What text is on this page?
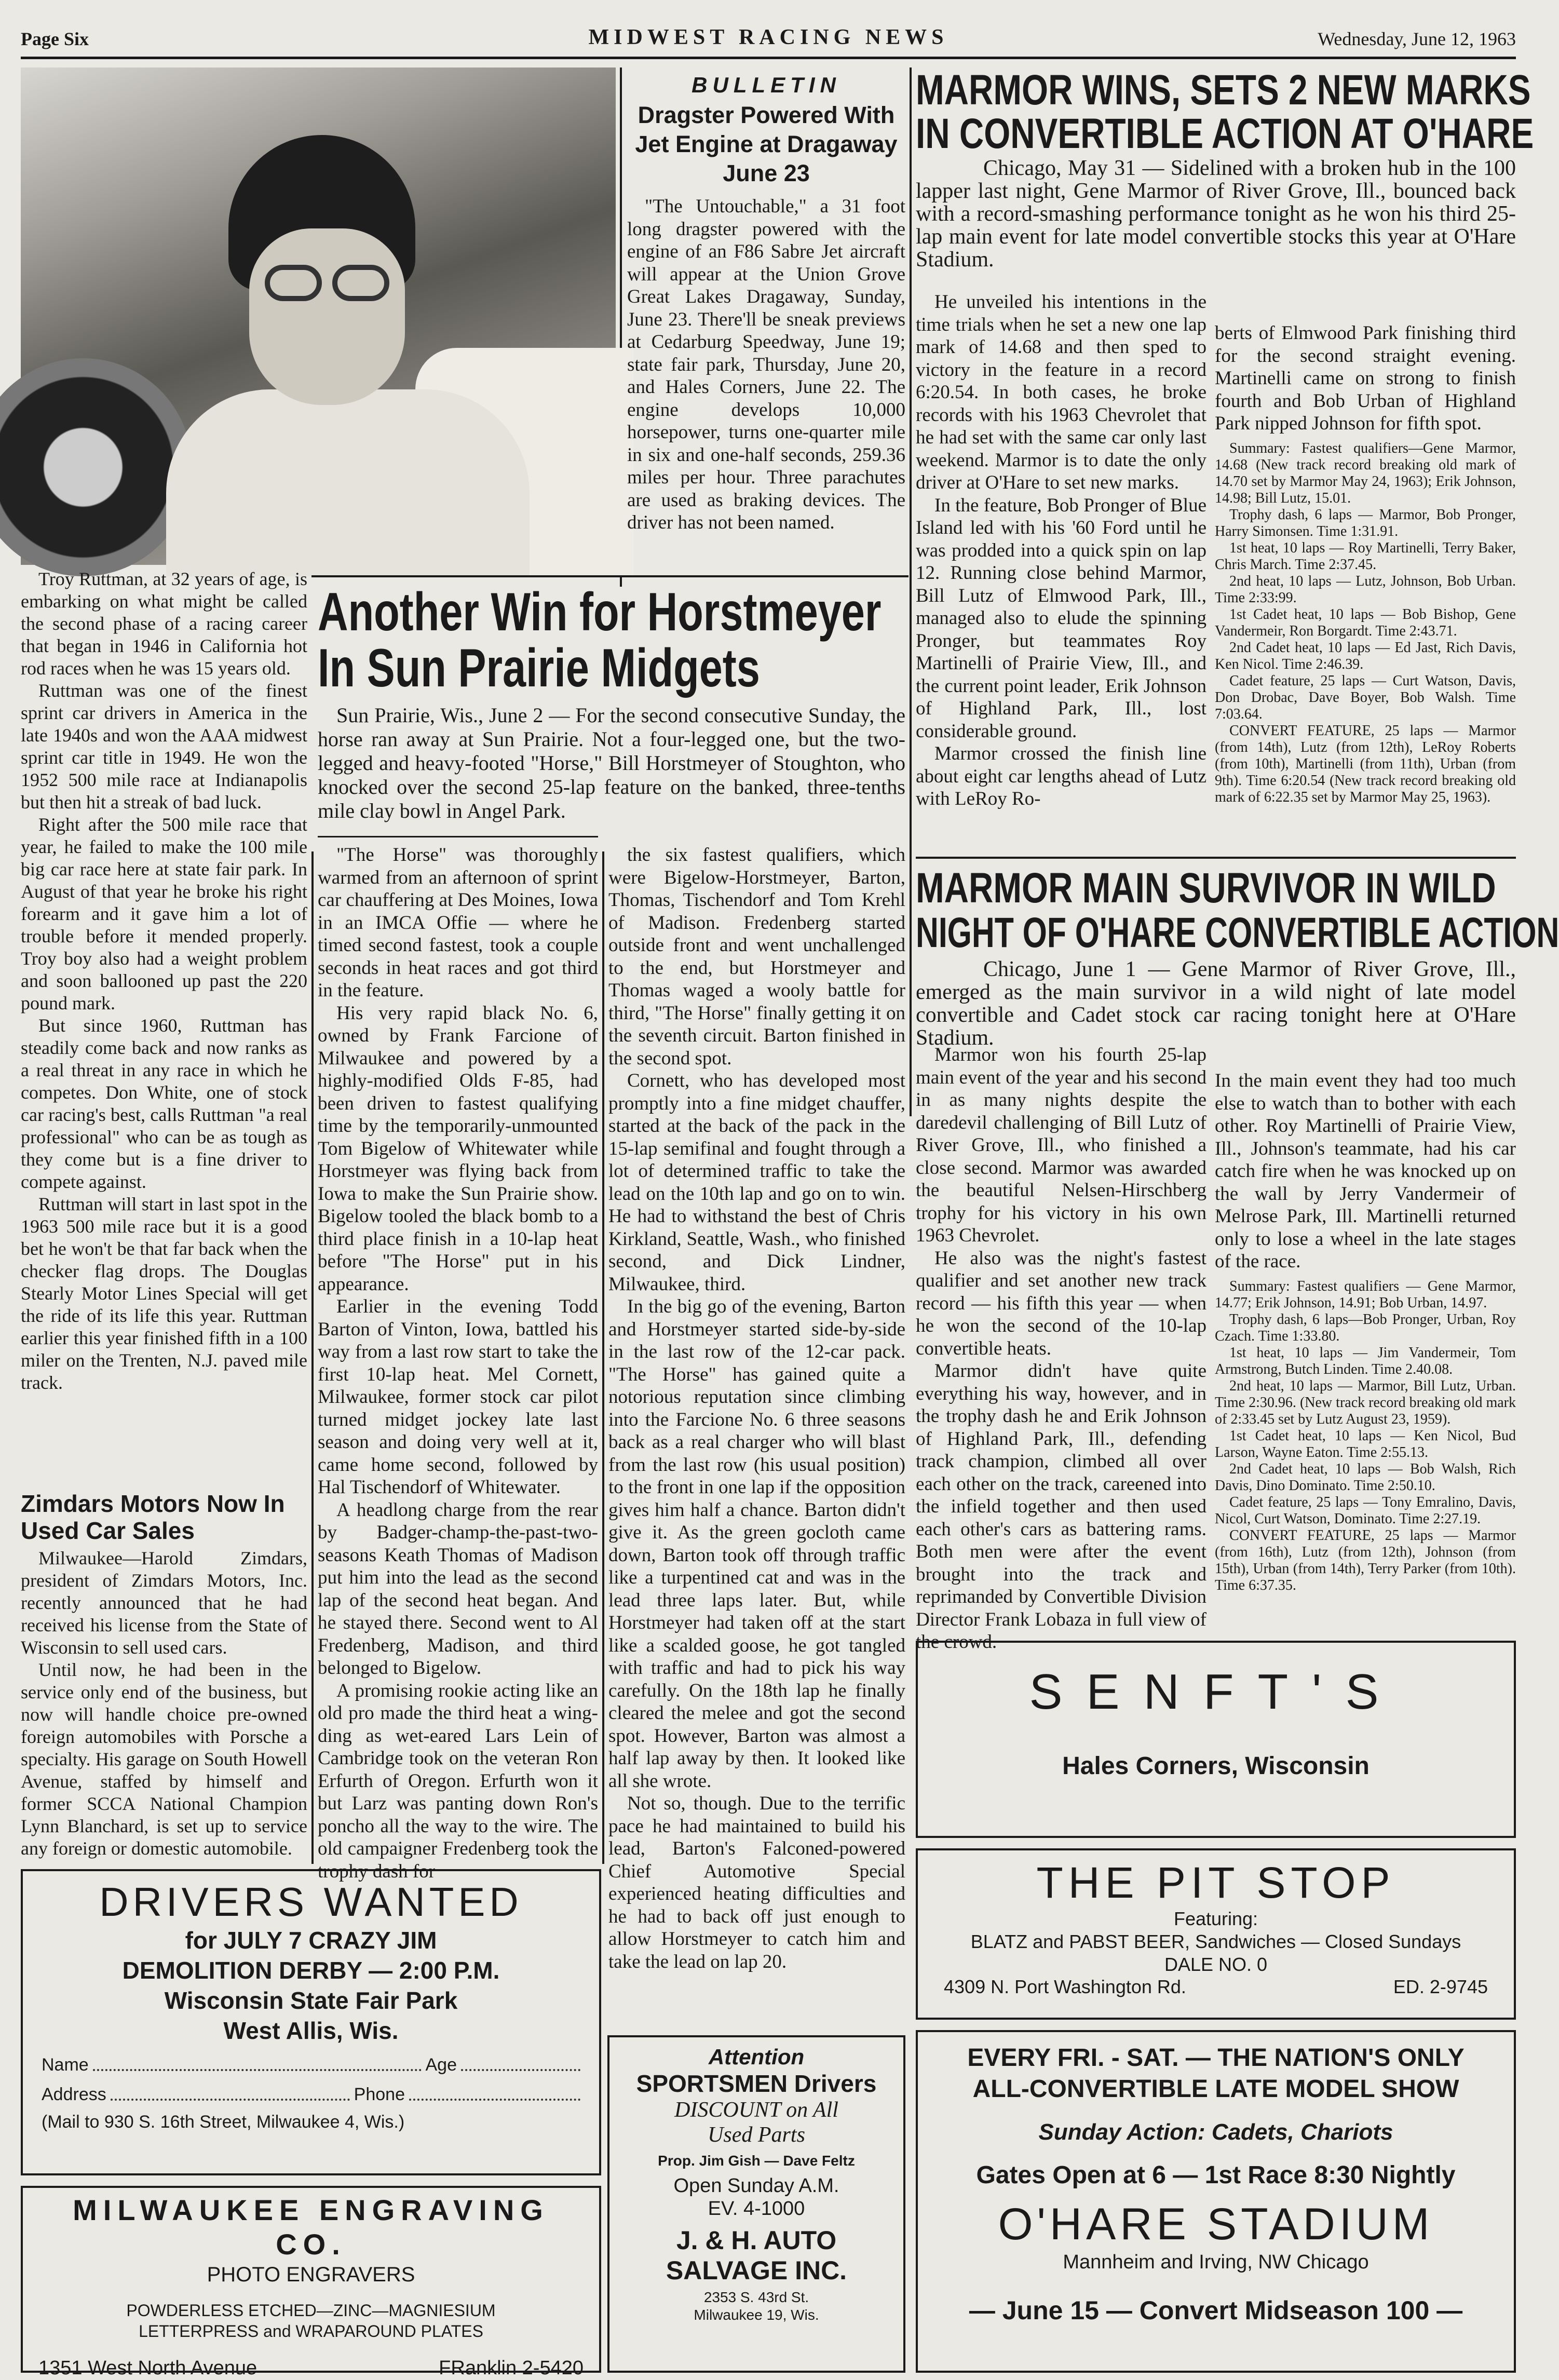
Page Six	MIDWEST RACING NEWS	Wednesday, June 12, 1963

Troy Ruttman, at 32 years of age, is embarking on what might be called the second phase of a racing career that began in 1946 in California hot rod races when he was 15 years old.

Ruttman was one of the finest sprint car drivers in America in the late 1940s and won the AAA midwest sprint car title in 1949. He won the 1952 500 mile race at Indianapolis but then hit a streak of bad luck.

Right after the 500 mile race that year, he failed to make the 100 mile big car race here at state fair park. In August of that year he broke his right forearm and it gave him a lot of trouble before it mended properly. Troy boy also had a weight problem and soon ballooned up past the 220 pound mark.

But since 1960, Ruttman has steadily come back and now ranks as a real threat in any race in which he competes. Don White, one of stock car racing's best, calls Ruttman "a real professional" who can be as tough as they come but is a fine driver to compete against.

Ruttman will start in last spot in the 1963 500 mile race but it is a good bet he won't be that far back when the checker flag drops. The Douglas Stearly Motor Lines Special will get the ride of its life this year. Ruttman earlier this year finished fifth in a 100 miler on the Trenten, N.J. paved mile track.

Zimdars Motors Now In Used Car Sales

Milwaukee—Harold Zimdars, president of Zimdars Motors, Inc. recently announced that he had received his license from the State of Wisconsin to sell used cars.

Until now, he had been in the service only end of the business, but now will handle choice pre-owned foreign automobiles with Porsche a specialty. His garage on South Howell Avenue, staffed by himself and former SCCA National Champion Lynn Blanchard, is set up to service any foreign or domestic automobile.

BULLETIN
Dragster Powered With Jet Engine at Dragaway June 23
"The Untouchable," a 31 foot long dragster powered with the engine of an F86 Sabre Jet aircraft will appear at the Union Grove Great Lakes Dragaway, Sunday, June 23. There'll be sneak previews at Cedarburg Speedway, June 19; state fair park, Thursday, June 20, and Hales Corners, June 22. The engine develops 10,000 horsepower, turns one-quarter mile in six and one-half seconds, 259.36 miles per hour. Three parachutes are used as braking devices. The driver has not been named.
Another Win for Horstmeyer
In Sun Prairie Midgets
Sun Prairie, Wis., June 2 — For the second consecutive Sunday, the horse ran away at Sun Prairie. Not a four-legged one, but the two-legged and heavy-footed "Horse," Bill Horstmeyer of Stoughton, who knocked over the second 25-lap feature on the banked, three-tenths mile clay bowl in Angel Park.

"The Horse" was thoroughly warmed from an afternoon of sprint car chauffering at Des Moines, Iowa in an IMCA Offie — where he timed second fastest, took a couple seconds in heat races and got third in the feature.

His very rapid black No. 6, owned by Frank Farcione of Milwaukee and powered by a highly-modified Olds F-85, had been driven to fastest qualifying time by the temporarily-unmounted Tom Bigelow of Whitewater while Horstmeyer was flying back from Iowa to make the Sun Prairie show. Bigelow tooled the black bomb to a third place finish in a 10-lap heat before "The Horse" put in his appearance.

Earlier in the evening Todd Barton of Vinton, Iowa, battled his way from a last row start to take the first 10-lap heat. Mel Cornett, Milwaukee, former stock car pilot turned midget jockey late last season and doing very well at it, came home second, followed by Hal Tischendorf of Whitewater.

A headlong charge from the rear by Badger-champ-the-past-two-seasons Keath Thomas of Madison put him into the lead as the second lap of the second heat began. And he stayed there. Second went to Al Fredenberg, Madison, and third belonged to Bigelow.

A promising rookie acting like an old pro made the third heat a wing-ding as wet-eared Lars Lein of Cambridge took on the veteran Ron Erfurth of Oregon. Erfurth won it but Larz was panting down Ron's poncho all the way to the wire. The old campaigner Fredenberg took the trophy dash for

the six fastest qualifiers, which were Bigelow-Horstmeyer, Barton, Thomas, Tischendorf and Tom Krehl of Madison. Fredenberg started outside front and went unchallenged to the end, but Horstmeyer and Thomas waged a wooly battle for third, "The Horse" finally getting it on the seventh circuit. Barton finished in the second spot.

Cornett, who has developed most promptly into a fine midget chauffer, started at the back of the pack in the 15-lap semifinal and fought through a lot of determined traffic to take the lead on the 10th lap and go on to win. He had to withstand the best of Chris Kirkland, Seattle, Wash., who finished second, and Dick Lindner, Milwaukee, third.

In the big go of the evening, Barton and Horstmeyer started side-by-side in the last row of the 12-car pack. "The Horse" has gained quite a notorious reputation since climbing into the Farcione No. 6 three seasons back as a real charger who will blast from the last row (his usual position) to the front in one lap if the opposition gives him half a chance. Barton didn't give it. As the green gocloth came down, Barton took off through traffic like a turpentined cat and was in the lead three laps later. But, while Horstmeyer had taken off at the start like a scalded goose, he got tangled with traffic and had to pick his way carefully. On the 18th lap he finally cleared the melee and got the second spot. However, Barton was almost a half lap away by then. It looked like all she wrote.

Not so, though. Due to the terrific pace he had maintained to build his lead, Barton's Falconed-powered Chief Automotive Special experienced heating difficulties and he had to back off just enough to allow Horstmeyer to catch him and take the lead on lap 20.

MARMOR WINS, SETS 2 NEW MARKS
IN CONVERTIBLE ACTION AT O'HARE
Chicago, May 31 — Sidelined with a broken hub in the 100 lapper last night, Gene Marmor of River Grove, Ill., bounced back with a record-smashing performance tonight as he won his third 25-lap main event for late model convertible stocks this year at O'Hare Stadium.

He unveiled his intentions in the time trials when he set a new one lap mark of 14.68 and then sped to victory in the feature in a record 6:20.54. In both cases, he broke records with his 1963 Chevrolet that he had set with the same car only last weekend. Marmor is to date the only driver at O'Hare to set new marks.

In the feature, Bob Pronger of Blue Island led with his '60 Ford until he was prodded into a quick spin on lap 12. Running close behind Marmor, Bill Lutz of Elmwood Park, Ill., managed also to elude the spinning Pronger, but teammates Roy Martinelli of Prairie View, Ill., and the current point leader, Erik Johnson of Highland Park, Ill., lost considerable ground.

Marmor crossed the finish line about eight car lengths ahead of Lutz with LeRoy Ro-

berts of Elmwood Park finishing third for the second straight evening. Martinelli came on strong to finish fourth and Bob Urban of Highland Park nipped Johnson for fifth spot.

Summary: Fastest qualifiers—Gene Marmor, 14.68 (New track record breaking old mark of 14.70 set by Marmor May 24, 1963); Erik Johnson, 14.98; Bill Lutz, 15.01.

Trophy dash, 6 laps — Marmor, Bob Pronger, Harry Simonsen. Time 1:31.91.

1st heat, 10 laps — Roy Martinelli, Terry Baker, Chris March. Time 2:37.45.

2nd heat, 10 laps — Lutz, Johnson, Bob Urban. Time 2:33:99.

1st Cadet heat, 10 laps — Bob Bishop, Gene Vandermeir, Ron Borgardt. Time 2:43.71.

2nd Cadet heat, 10 laps — Ed Jast, Rich Davis, Ken Nicol. Time 2:46.39.

Cadet feature, 25 laps — Curt Watson, Davis, Don Drobac, Dave Boyer, Bob Walsh. Time 7:03.64.

CONVERT FEATURE, 25 laps — Marmor (from 14th), Lutz (from 12th), LeRoy Roberts (from 10th), Martinelli (from 11th), Urban (from 9th). Time 6:20.54 (New track record breaking old mark of 6:22.35 set by Marmor May 25, 1963).

MARMOR MAIN SURVIVOR IN WILD
NIGHT OF O'HARE CONVERTIBLE ACTION
Chicago, June 1 — Gene Marmor of River Grove, Ill., emerged as the main survivor in a wild night of late model convertible and Cadet stock car racing tonight here at O'Hare Stadium.

Marmor won his fourth 25-lap main event of the year and his second in as many nights despite the daredevil challenging of Bill Lutz of River Grove, Ill., who finished a close second. Marmor was awarded the beautiful Nelsen-Hirschberg trophy for his victory in his own 1963 Chevrolet.

He also was the night's fastest qualifier and set another new track record — his fifth this year — when he won the second of the 10-lap convertible heats.

Marmor didn't have quite everything his way, however, and in the trophy dash he and Erik Johnson of Highland Park, Ill., defending track champion, climbed all over each other on the track, careened into the infield together and then used each other's cars as battering rams. Both men were after the event brought into the track and reprimanded by Convertible Division Director Frank Lobaza in full view of the crowd.

In the main event they had too much else to watch than to bother with each other. Roy Martinelli of Prairie View, Ill., Johnson's teammate, had his car catch fire when he was knocked up on the wall by Jerry Vandermeir of Melrose Park, Ill. Martinelli returned only to lose a wheel in the late stages of the race.

Summary: Fastest qualifiers — Gene Marmor, 14.77; Erik Johnson, 14.91; Bob Urban, 14.97.

Trophy dash, 6 laps—Bob Pronger, Urban, Roy Czach. Time 1:33.80.

1st heat, 10 laps — Jim Vandermeir, Tom Armstrong, Butch Linden. Time 2.40.08.

2nd heat, 10 laps — Marmor, Bill Lutz, Urban. Time 2:30.96. (New track record breaking old mark of 2:33.45 set by Lutz August 23, 1959).

1st Cadet heat, 10 laps — Ken Nicol, Bud Larson, Wayne Eaton. Time 2:55.13.

2nd Cadet heat, 10 laps — Bob Walsh, Rich Davis, Dino Dominato. Time 2:50.10.

Cadet feature, 25 laps — Tony Emralino, Davis, Nicol, Curt Watson, Dominato. Time 2:27.19.

CONVERT FEATURE, 25 laps — Marmor (from 16th), Lutz (from 12th), Johnson (from 15th), Urban (from 14th), Terry Parker (from 10th). Time 6:37.35.

DRIVERS WANTED
for JULY 7 CRAZY JIM
DEMOLITION DERBY — 2:00 P.M.
Wisconsin State Fair Park
West Allis, Wis.
Name	Age
Address	Phone
(Mail to 930 S. 16th Street, Milwaukee 4, Wis.)
MILWAUKEE ENGRAVING CO.
PHOTO ENGRAVERS
POWDERLESS ETCHED—ZINC—MAGNIESIUM
LETTERPRESS and WRAPAROUND PLATES
1351 West North Avenue	FRanklin 2-5420
Attention
SPORTSMEN Drivers
DISCOUNT on All
Used Parts
Prop. Jim Gish — Dave Feltz
Open Sunday A.M.
EV. 4-1000
J. & H. AUTO
SALVAGE INC.
2353 S. 43rd St.
Milwaukee 19, Wis.
SENFT'S
Hales Corners, Wisconsin
THE PIT STOP
Featuring:
BLATZ and PABST BEER, Sandwiches — Closed Sundays
DALE NO. 0
4309 N. Port Washington Rd.	ED. 2-9745
EVERY FRI. - SAT. — THE NATION'S ONLY
ALL-CONVERTIBLE LATE MODEL SHOW
Sunday Action: Cadets, Chariots
Gates Open at 6 — 1st Race 8:30 Nightly
O'HARE STADIUM
Mannheim and Irving, NW Chicago
— June 15 — Convert Midseason 100 —
